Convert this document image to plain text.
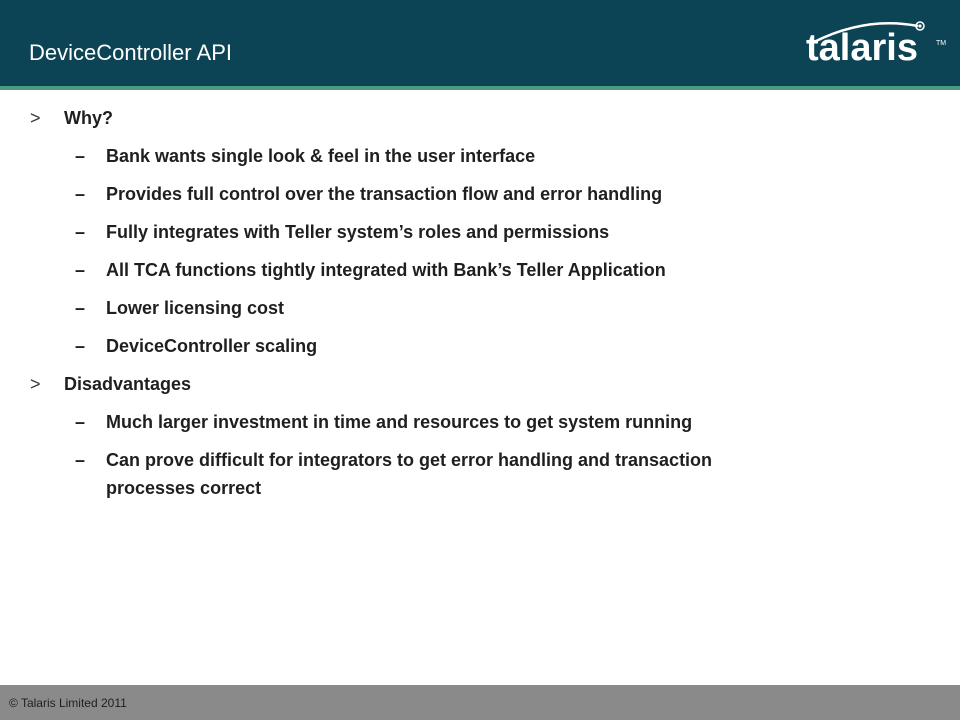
DeviceController API	talaris	TM
> Why?
– Bank wants single look & feel in the user interface
– Provides full control over the transaction flow and error handling
– Fully integrates with Teller system’s roles and permissions
– All TCA functions tightly integrated with Bank’s Teller Application
– Lower licensing cost
– DeviceController scaling
> Disadvantages
– Much larger investment in time and resources to get system running
– Can prove difficult for integrators to get error handling and transaction
processes correct
© Talaris Limited 2011
